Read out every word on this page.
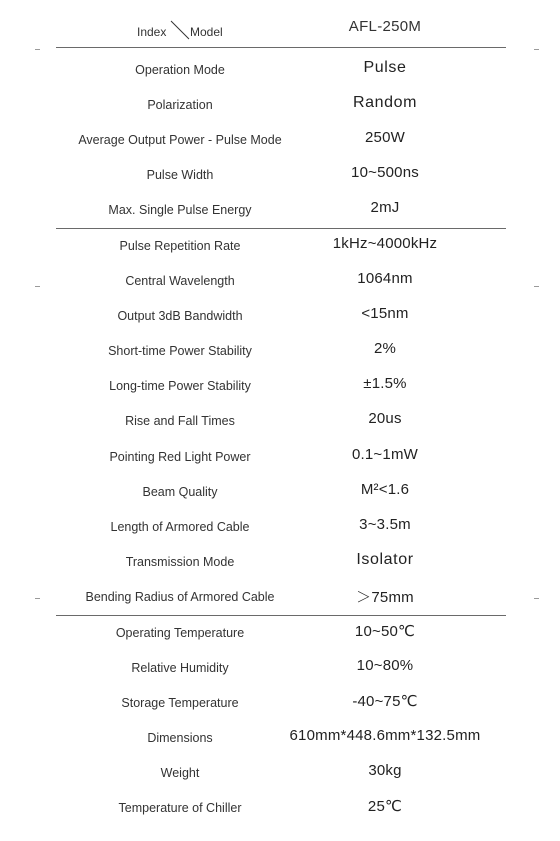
Index Model	AFL-250M
Operation Mode	Pulse
Polarization	Random
Average Output Power - Pulse Mode	250W
Pulse Width	10~500ns
Max. Single Pulse Energy	2mJ
Pulse Repetition Rate	1kHz~4000kHz
Central Wavelength	1064nm
Output 3dB Bandwidth	<15nm
Short-time Power Stability	2%
Long-time Power Stability	±1.5%
Rise and Fall Times	20us
Pointing Red Light Power	0.1~1mW
Beam Quality	M²<1.6
Length of Armored Cable	3~3.5m
Transmission Mode	Isolator
Bending Radius of Armored Cable	＞75mm
Operating Temperature	10~50℃
Relative Humidity	10~80%
Storage Temperature	-40~75℃
Dimensions	610mm*448.6mm*132.5mm
Weight	30kg
Temperature of Chiller	25℃
